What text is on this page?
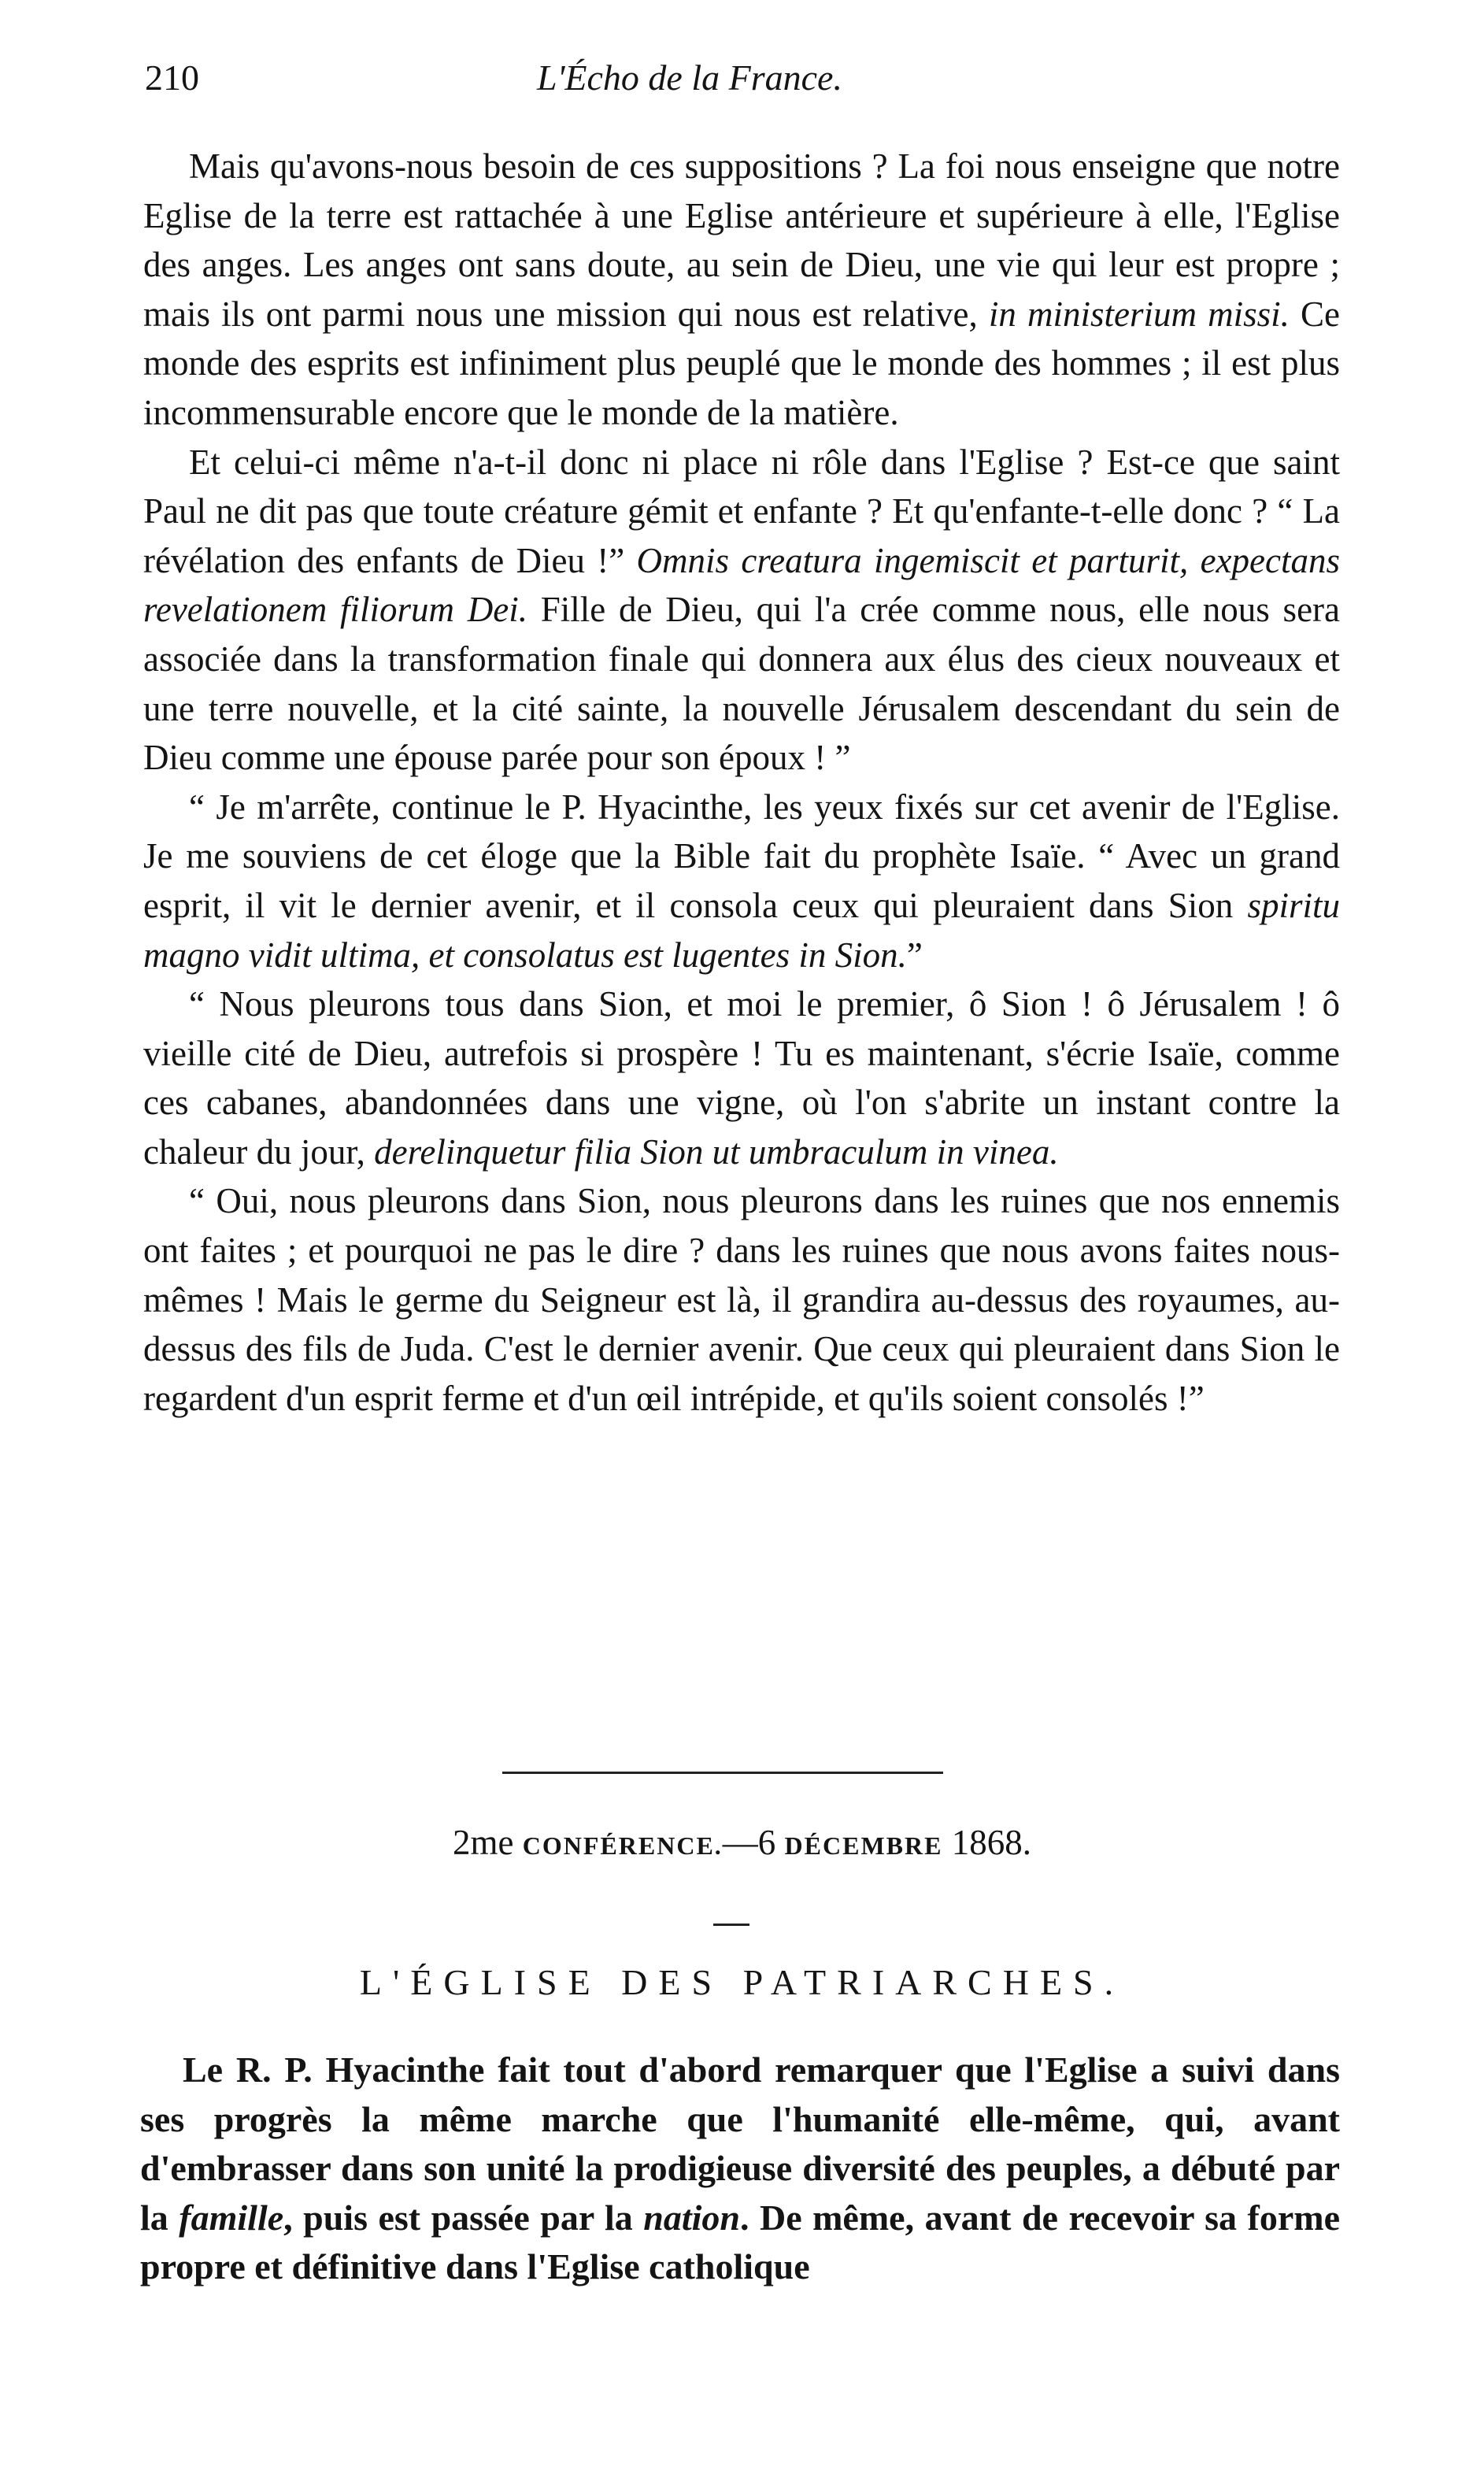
210	L'Écho de la France.

Mais qu'avons-nous besoin de ces suppositions ? La foi nous enseigne que notre Eglise de la terre est rattachée à une Eglise antérieure et supérieure à elle, l'Eglise des anges. Les anges ont sans doute, au sein de Dieu, une vie qui leur est propre ; mais ils ont parmi nous une mission qui nous est relative, in ministerium missi. Ce monde des esprits est infiniment plus peuplé que le monde des hommes ; il est plus incommensurable encore que le monde de la matière.

Et celui-ci même n'a-t-il donc ni place ni rôle dans l'Eglise ? Est-ce que saint Paul ne dit pas que toute créature gémit et enfante ? Et qu'enfante-t-elle donc ? “ La révélation des enfants de Dieu !” Omnis creatura ingemiscit et parturit, expectans revelationem filiorum Dei. Fille de Dieu, qui l'a crée comme nous, elle nous sera associée dans la transformation finale qui donnera aux élus des cieux nouveaux et une terre nouvelle, et la cité sainte, la nouvelle Jérusalem descendant du sein de Dieu comme une épouse parée pour son époux ! ”

“ Je m'arrête, continue le P. Hyacinthe, les yeux fixés sur cet avenir de l'Eglise. Je me souviens de cet éloge que la Bible fait du prophète Isaïe. “ Avec un grand esprit, il vit le dernier avenir, et il consola ceux qui pleuraient dans Sion spiritu magno vidit ultima, et consolatus est lugentes in Sion.”

“ Nous pleurons tous dans Sion, et moi le premier, ô Sion ! ô Jérusalem ! ô vieille cité de Dieu, autrefois si prospère ! Tu es maintenant, s'écrie Isaïe, comme ces cabanes, abandonnées dans une vigne, où l'on s'abrite un instant contre la chaleur du jour, derelinquetur filia Sion ut umbraculum in vinea.

“ Oui, nous pleurons dans Sion, nous pleurons dans les ruines que nos ennemis ont faites ; et pourquoi ne pas le dire ? dans les ruines que nous avons faites nous-mêmes ! Mais le germe du Seigneur est là, il grandira au-dessus des royaumes, au-dessus des fils de Juda. C'est le dernier avenir. Que ceux qui pleuraient dans Sion le regardent d'un esprit ferme et d'un œil intrépide, et qu'ils soient consolés !”

2me CONFÉRENCE.—6 DÉCEMBRE 1868.
L'ÉGLISE DES PATRIARCHES.

Le R. P. Hyacinthe fait tout d'abord remarquer que l'Eglise a suivi dans ses progrès la même marche que l'humanité elle-même, qui, avant d'embrasser dans son unité la prodigieuse diversité des peuples, a débuté par la famille, puis est passée par la nation. De même, avant de recevoir sa forme propre et définitive dans l'Eglise catholique
